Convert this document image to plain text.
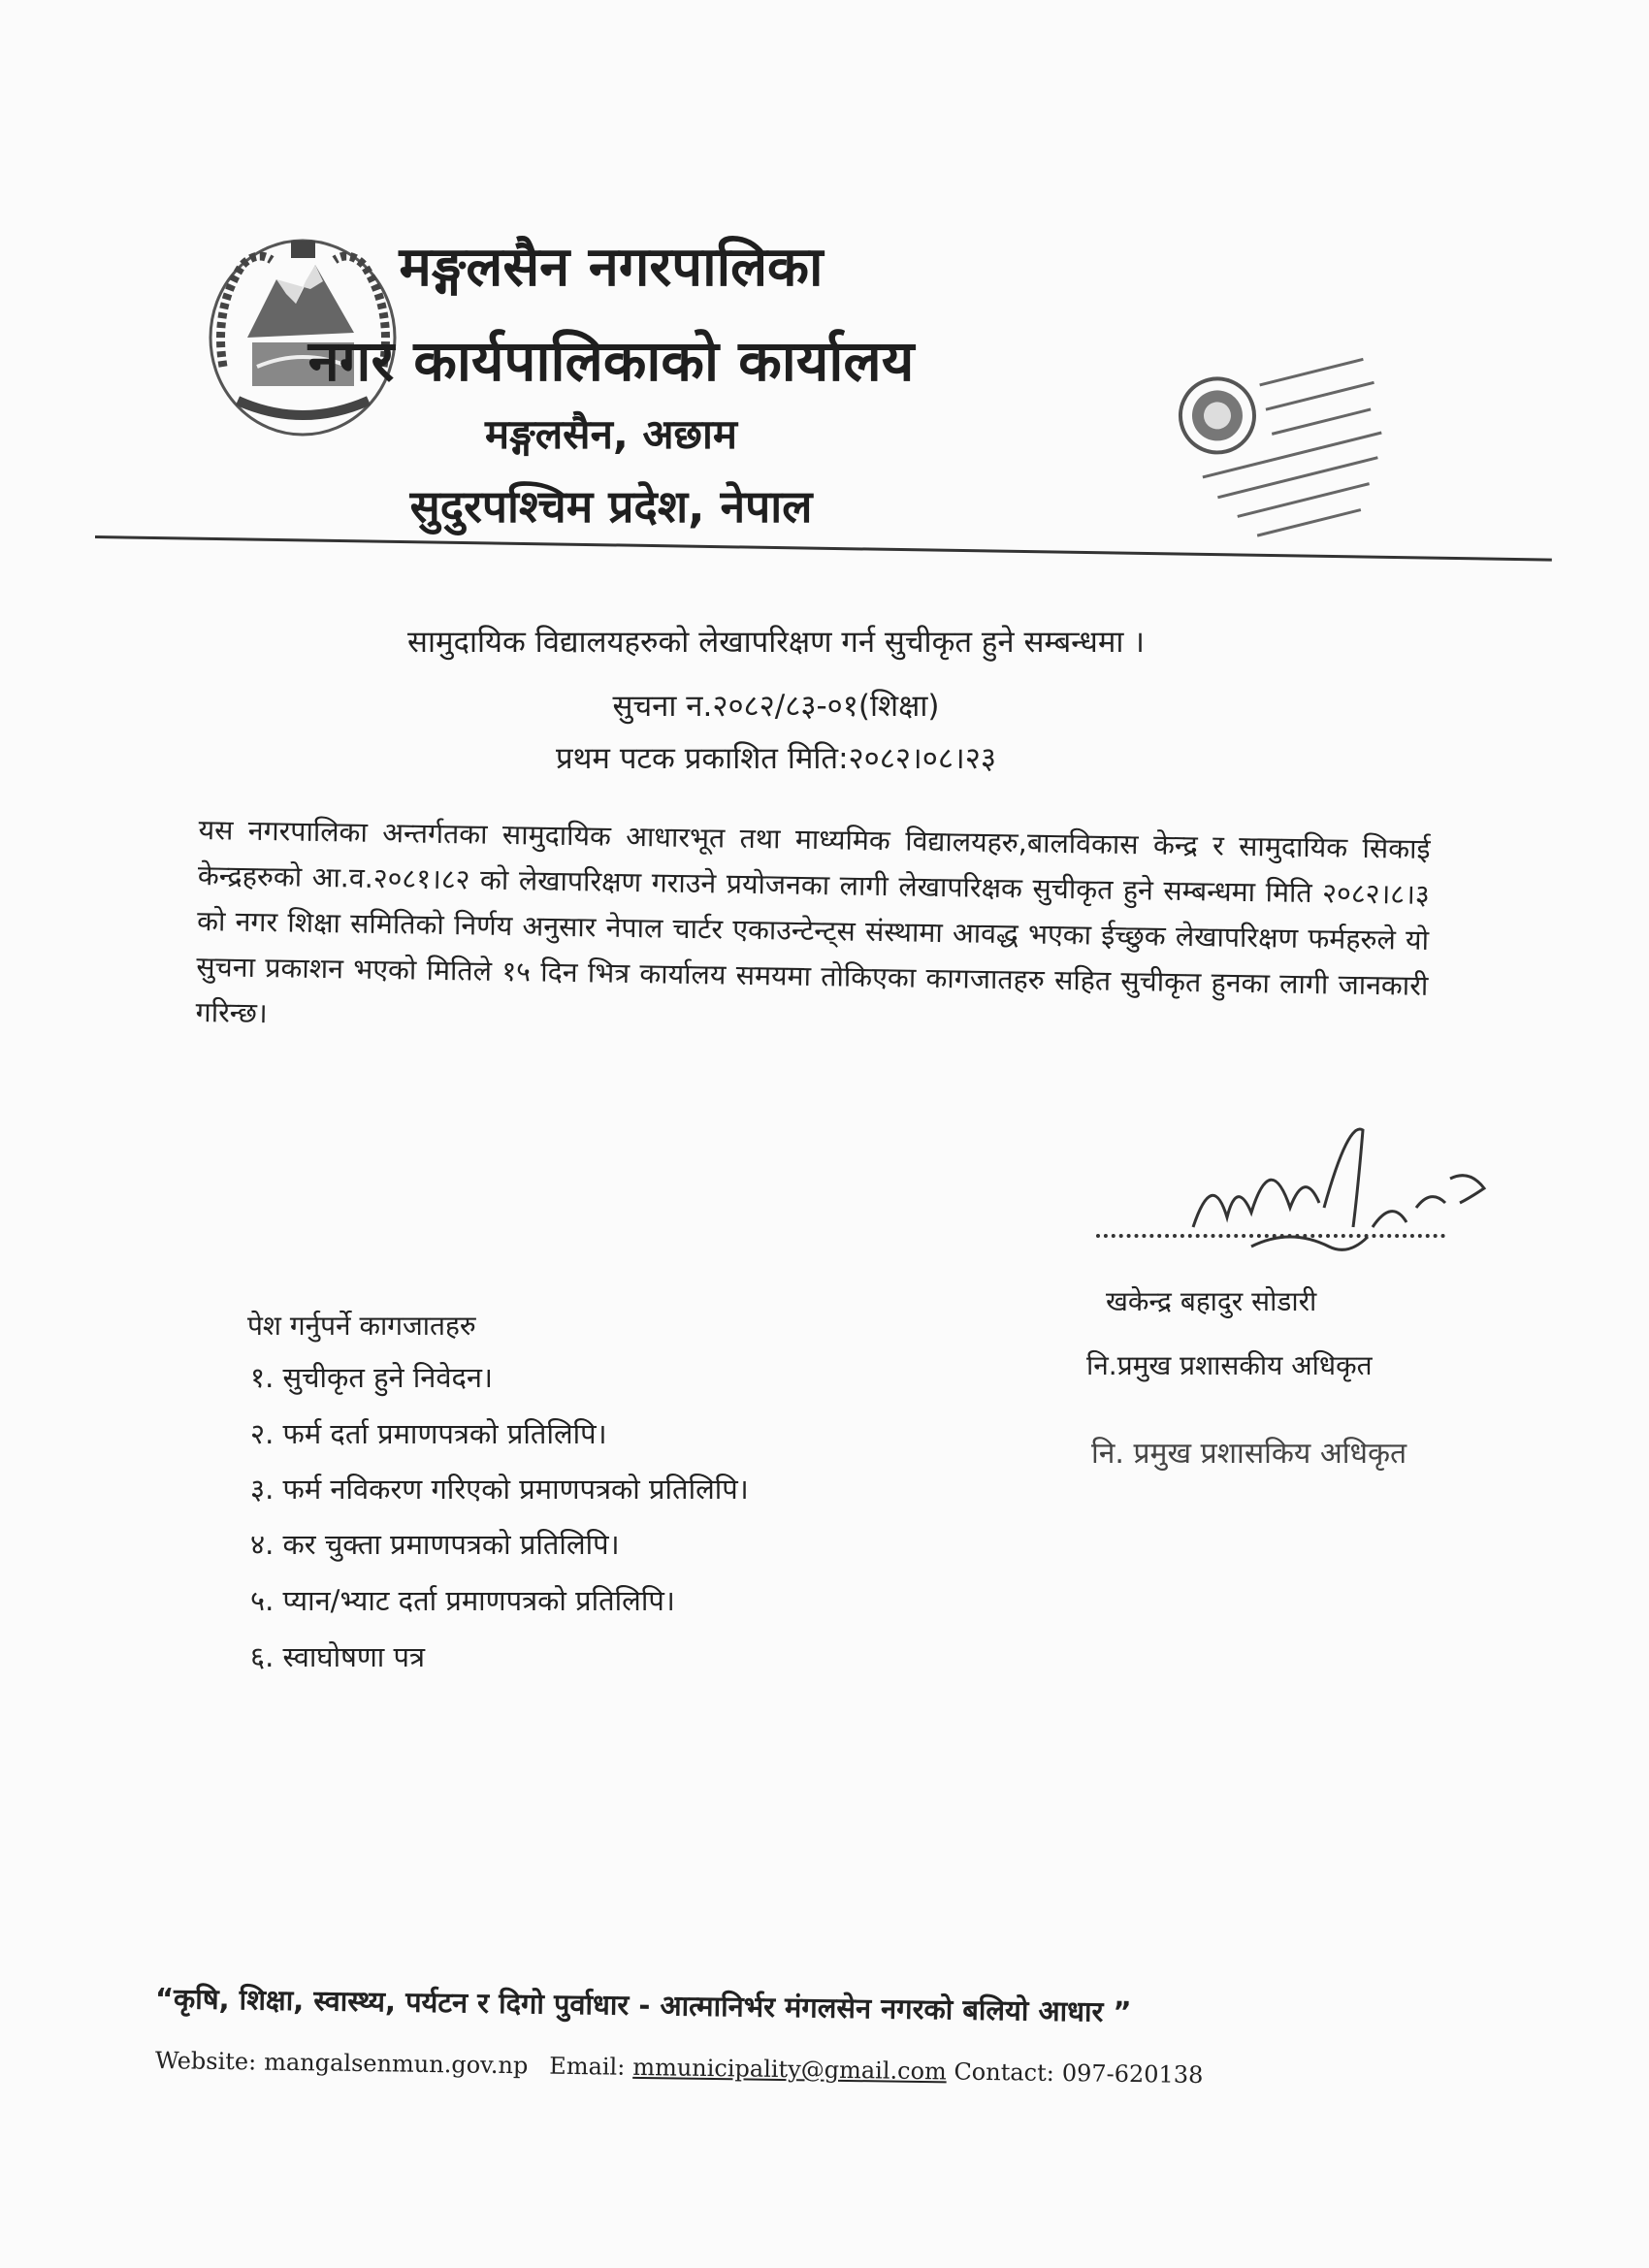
मङ्गलसैन नगरपालिका
नगर कार्यपालिकाको कार्यालय
मङ्गलसैन, अछाम
सुदुरपश्चिम प्रदेश, नेपाल
सामुदायिक विद्यालयहरुको लेखापरिक्षण गर्न सुचीकृत हुने सम्बन्धमा ।
सुचना न.२०८२/८३-०१(शिक्षा)
प्रथम पटक प्रकाशित मिति:२०८२।०८।२३
यस नगरपालिका अन्तर्गतका सामुदायिक आधारभूत तथा माध्यमिक विद्यालयहरु,बालविकास केन्द्र र सामुदायिक सिकाई केन्द्रहरुको आ.व.२०८१।८२ को लेखापरिक्षण गराउने प्रयोजनका लागी लेखापरिक्षक सुचीकृत हुने सम्बन्धमा मिति २०८२।८।३ को नगर शिक्षा समितिको निर्णय अनुसार नेपाल चार्टर एकाउन्टेन्ट्स संस्थामा आवद्ध भएका ईच्छुक लेखापरिक्षण फर्महरुले यो सुचना प्रकाशन भएको मितिले १५ दिन भित्र कार्यालय समयमा तोकिएका कागजातहरु सहित सुचीकृत हुनका लागी जानकारी गरिन्छ।
खकेन्द्र बहादुर सोडारी
नि.प्रमुख प्रशासकीय अधिकृत
नि. प्रमुख प्रशासकिय अधिकृत
पेश गर्नुपर्ने कागजातहरु
१. सुचीकृत हुने निवेदन।
२. फर्म दर्ता प्रमाणपत्रको प्रतिलिपि।
३. फर्म नविकरण गरिएको प्रमाणपत्रको प्रतिलिपि।
४. कर चुक्ता प्रमाणपत्रको प्रतिलिपि।
५. प्यान/भ्याट दर्ता प्रमाणपत्रको प्रतिलिपि।
६. स्वाघोषणा पत्र
“कृषि, शिक्षा, स्वास्थ्य, पर्यटन र दिगो पुर्वाधार - आत्मानिर्भर मंगलसेन नगरको बलियो आधार ”
Website: mangalsenmun.gov.np Email: mmunicipality@gmail.com Contact: 097-620138
